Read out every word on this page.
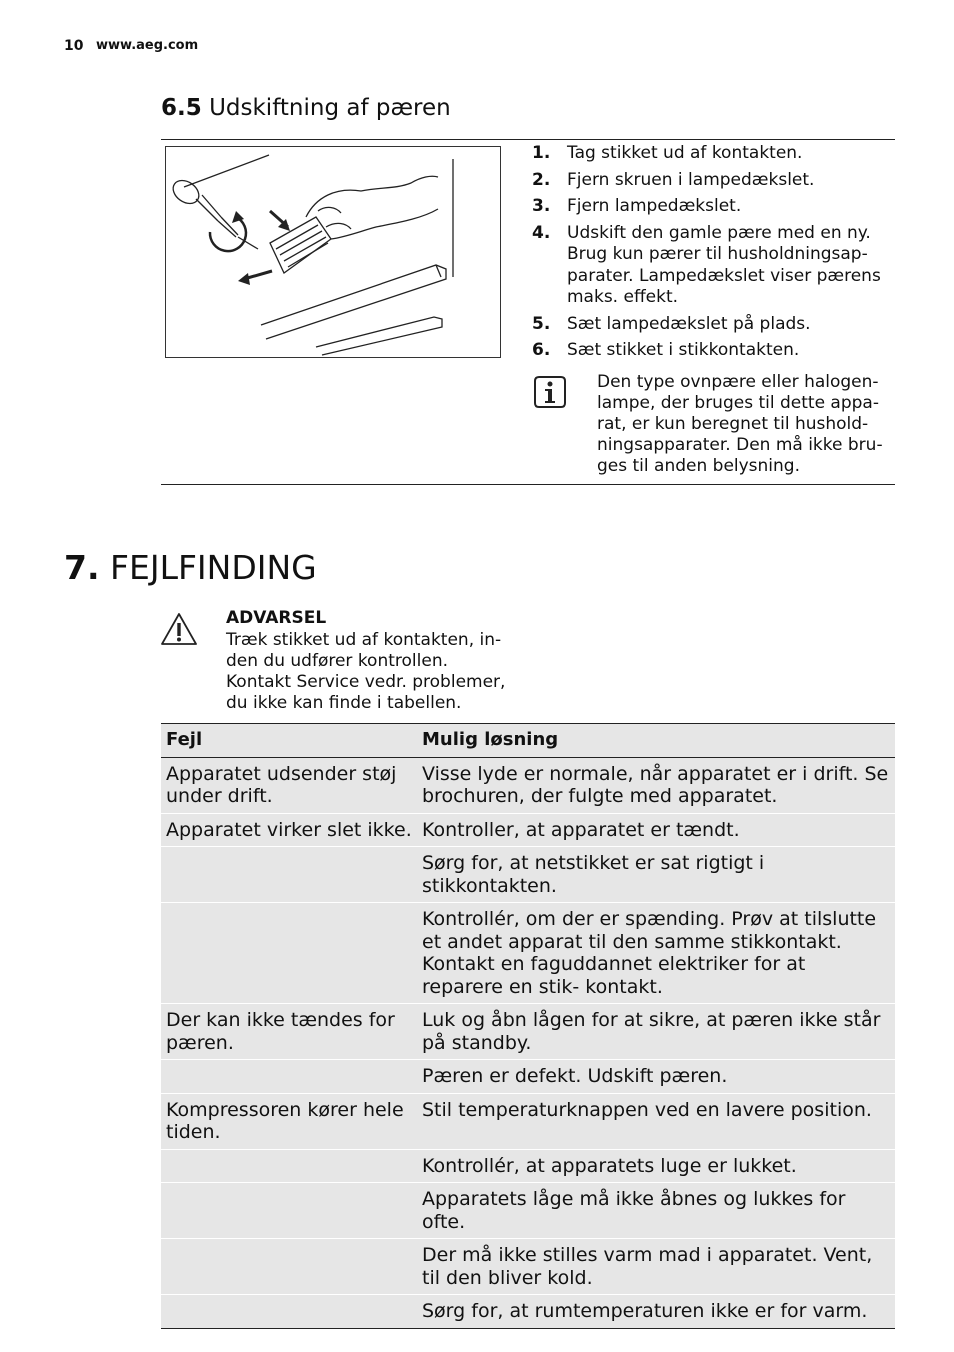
10 www.aeg.com
6.5 Udskiftning af pæren
1. Tag stikket ud af kontakten.
2. Fjern skruen i lampedækslet.
3. Fjern lampedækslet.
4. Udskift den gamle pære med en ny. Brug kun pærer til husholdningsap- parater. Lampedækslet viser pærens maks. effekt.
5. Sæt lampedækslet på plads.
6. Sæt stikket i stikkontakten.
Den type ovnpære eller halogen- lampe, der bruges til dette appa- rat, er kun beregnet til hushold- ningsapparater. Den må ikke bru- ges til anden belysning.
7. FEJLFINDING
ADVARSEL
Træk stikket ud af kontakten, in- den du udfører kontrollen. Kontakt Service vedr. problemer, du ikke kan finde i tabellen.
Fejl	Mulig løsning
Apparatet udsender støj under drift.	Visse lyde er normale, når apparatet er i drift. Se brochuren, der fulgte med apparatet.
Apparatet virker slet ikke.	Kontroller, at apparatet er tændt.
	Sørg for, at netstikket er sat rigtigt i stikkontakten.
	Kontrollér, om der er spænding. Prøv at tilslutte et andet apparat til den samme stikkontakt. Kontakt en faguddannet elektriker for at reparere en stik- kontakt.
Der kan ikke tændes for pæren.	Luk og åbn lågen for at sikre, at pæren ikke står på standby.
	Pæren er defekt. Udskift pæren.
Kompressoren kører hele tiden.	Stil temperaturknappen ved en lavere position.
	Kontrollér, at apparatets luge er lukket.
	Apparatets låge må ikke åbnes og lukkes for ofte.
	Der må ikke stilles varm mad i apparatet. Vent, til den bliver kold.
	Sørg for, at rumtemperaturen ikke er for varm.
